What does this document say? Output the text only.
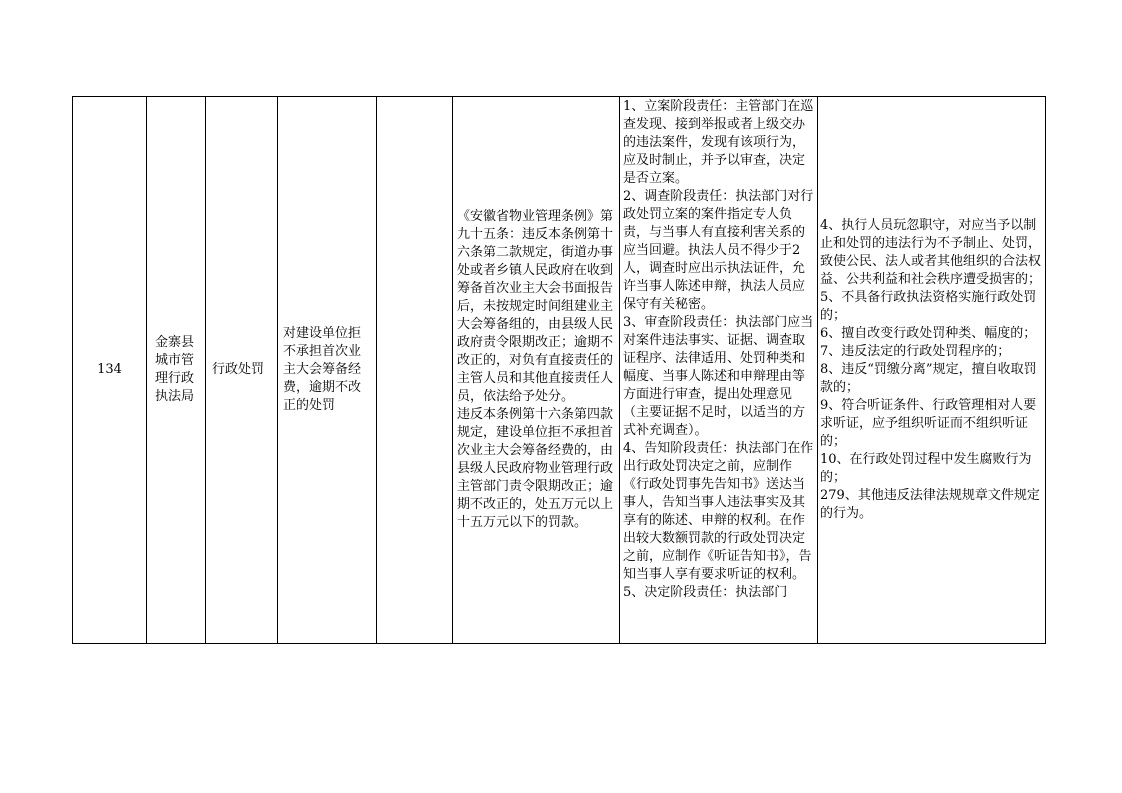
134
金寨县城市管理行政执法局
行政处罚
对建设单位拒不承担首次业主大会筹备经费，逾期不改正的处罚
《安徽省物业管理条例》第九十五条：违反本条例第十六条第二款规定，街道办事处或者乡镇人民政府在收到筹备首次业主大会书面报告后，未按规定时间组建业主大会筹备组的，由县级人民政府责令限期改正；逾期不改正的，对负有直接责任的主管人员和其他直接责任人员，依法给予处分。
违反本条例第十六条第四款规定，建设单位拒不承担首次业主大会筹备经费的，由县级人民政府物业管理行政主管部门责令限期改正；逾期不改正的，处五万元以上十五万元以下的罚款。
1、立案阶段责任：主管部门在巡查发现、接到举报或者上级交办的违法案件，发现有该项行为，应及时制止，并予以审查，决定是否立案。
2、调查阶段责任：执法部门对行政处罚立案的案件指定专人负责，与当事人有直接利害关系的应当回避。执法人员不得少于2人，调查时应出示执法证件，允许当事人陈述申辩，执法人员应保守有关秘密。
3、审查阶段责任：执法部门应当对案件违法事实、证据、调查取证程序、法律适用、处罚种类和幅度、当事人陈述和申辩理由等方面进行审查，提出处理意见（主要证据不足时，以适当的方式补充调查）。
4、告知阶段责任：执法部门在作出行政处罚决定之前，应制作《行政处罚事先告知书》送达当事人，告知当事人违法事实及其享有的陈述、申辩的权利。在作出较大数额罚款的行政处罚决定之前，应制作《听证告知书》，告知当事人享有要求听证的权利。
5、决定阶段责任：执法部门
4、执行人员玩忽职守，对应当予以制止和处罚的违法行为不予制止、处罚，致使公民、法人或者其他组织的合法权益、公共利益和社会秩序遭受损害的；
5、不具备行政执法资格实施行政处罚的；
6、擅自改变行政处罚种类、幅度的；
7、违反法定的行政处罚程序的；
8、违反“罚缴分离”规定，擅自收取罚款的；
9、符合听证条件、行政管理相对人要求听证，应予组织听证而不组织听证的；
10、在行政处罚过程中发生腐败行为的；
279、其他违反法律法规规章文件规定的行为。
